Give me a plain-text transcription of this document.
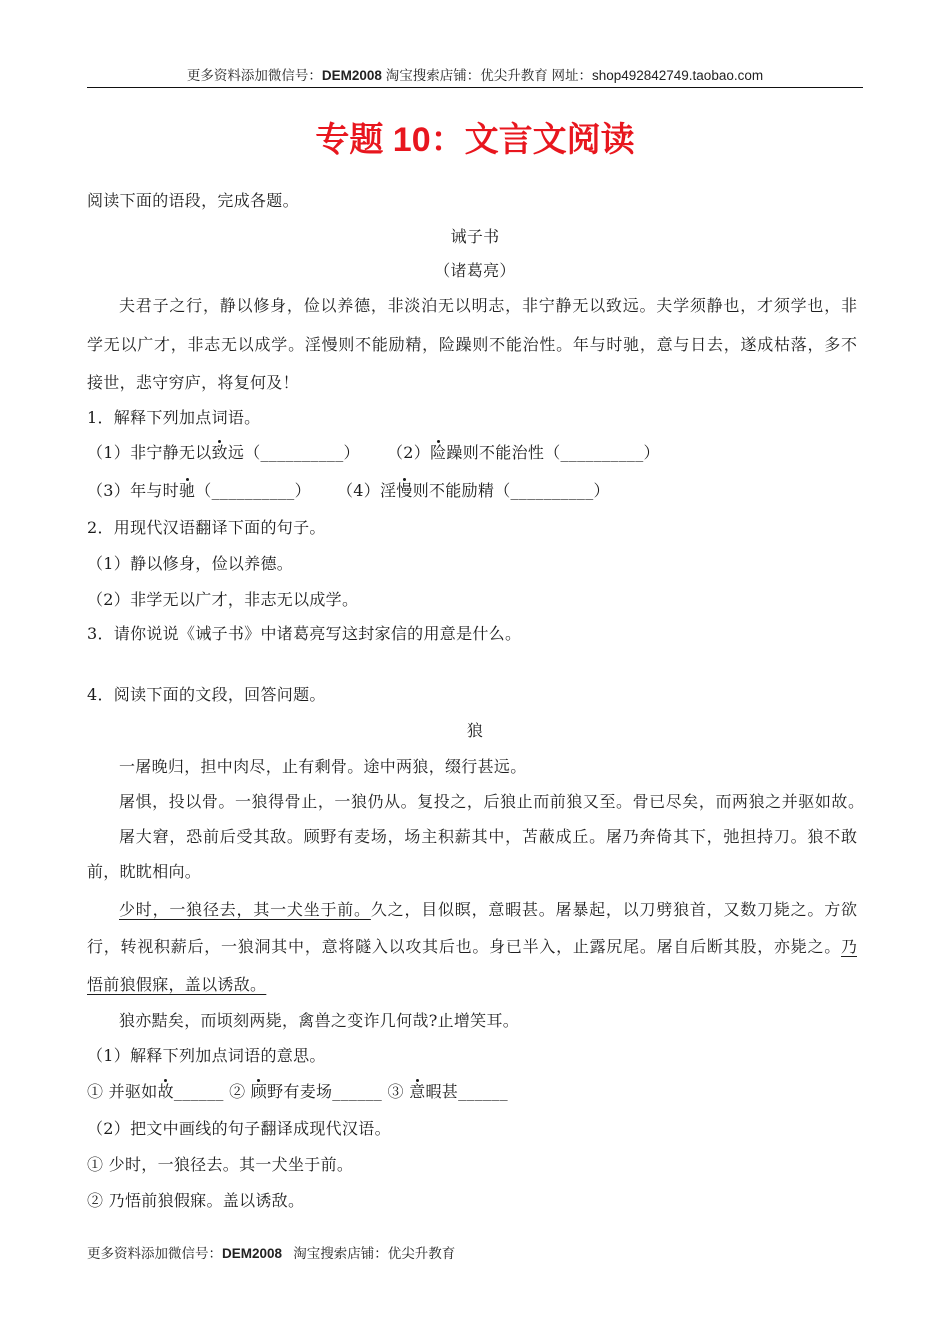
更多资料添加微信号：DEM2008 淘宝搜索店铺：优尖升教育 网址：shop492842749.taobao.com
专题 10：文言文阅读
阅读下面的语段，完成各题。
诫子书
（诸葛亮）
夫君子之行，静以修身，俭以养德，非淡泊无以明志，非宁静无以致远。夫学须静也，才须学也，非
学无以广才，非志无以成学。淫慢则不能励精，险躁则不能治性。年与时驰，意与日去，遂成枯落，多不
接世，悲守穷庐，将复何及！
1．解释下列加点词语。
（1）非宁静无以致远（__________） （2）险躁则不能治性（__________）
（3）年与时驰（__________） （4）淫慢则不能励精（__________）
2．用现代汉语翻译下面的句子。
（1）静以修身，俭以养德。
（2）非学无以广才，非志无以成学。
3．请你说说《诫子书》中诸葛亮写这封家信的用意是什么。
4．阅读下面的文段，回答问题。
狼
一屠晚归，担中肉尽，止有剩骨。途中两狼，缀行甚远。
屠惧，投以骨。一狼得骨止，一狼仍从。复投之，后狼止而前狼又至。骨已尽矣，而两狼之并驱如故。
屠大窘，恐前后受其敌。顾野有麦场，场主积薪其中，苫蔽成丘。屠乃奔倚其下，弛担持刀。狼不敢
前，眈眈相向。
少时，一狼径去，其一犬坐于前。久之，目似瞑，意暇甚。屠暴起，以刀劈狼首，又数刀毙之。方欲
行，转视积薪后，一狼洞其中，意将隧入以攻其后也。身已半入，止露尻尾。屠自后断其股，亦毙之。乃
悟前狼假寐，盖以诱敌。
狼亦黠矣，而顷刻两毙，禽兽之变诈几何哉?止增笑耳。
（1）解释下列加点词语的意思。
① 并驱如故______ ② 顾野有麦场______ ③ 意暇甚______
（2）把文中画线的句子翻译成现代汉语。
① 少时，一狼径去。其一犬坐于前。
② 乃悟前狼假寐。盖以诱敌。
更多资料添加微信号：DEM2008   淘宝搜索店铺：优尖升教育
